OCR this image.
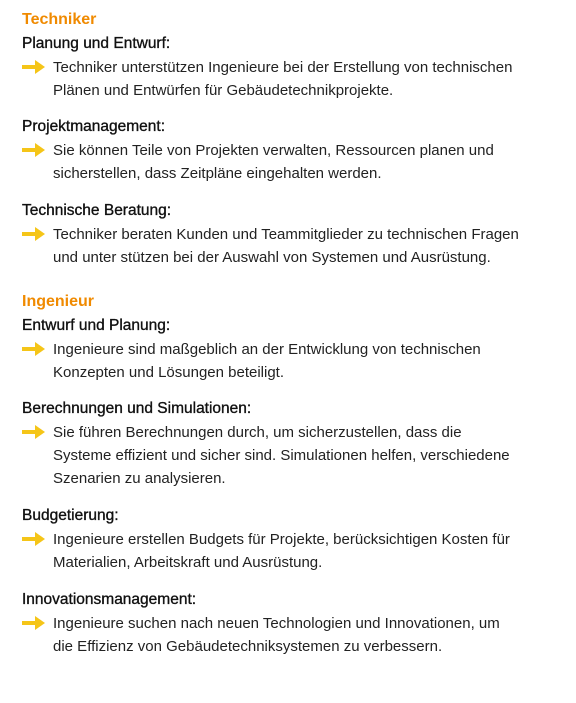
Techniker
Planung und Entwurf:
Techniker unterstützen Ingenieure bei der Erstellung von technischen
Plänen und Entwürfen für Gebäudetechnikprojekte.
Projektmanagement:
Sie können Teile von Projekten verwalten, Ressourcen planen und
sicherstellen, dass Zeitpläne eingehalten werden.
Technische Beratung:
Techniker beraten Kunden und Teammitglieder zu technischen Fragen
und unter stützen bei der Auswahl von Systemen und Ausrüstung.
Ingenieur
Entwurf und Planung:
Ingenieure sind maßgeblich an der Entwicklung von technischen
Konzepten und Lösungen beteiligt.
Berechnungen und Simulationen:
Sie führen Berechnungen durch, um sicherzustellen, dass die
Systeme effizient und sicher sind. Simulationen helfen, verschiedene
Szenarien zu analysieren.
Budgetierung:
Ingenieure erstellen Budgets für Projekte, berücksichtigen Kosten für
Materialien, Arbeitskraft und Ausrüstung.
Innovationsmanagement:
Ingenieure suchen nach neuen Technologien und Innovationen, um
die Effizienz von Gebäudetechniksystemen zu verbessern.
